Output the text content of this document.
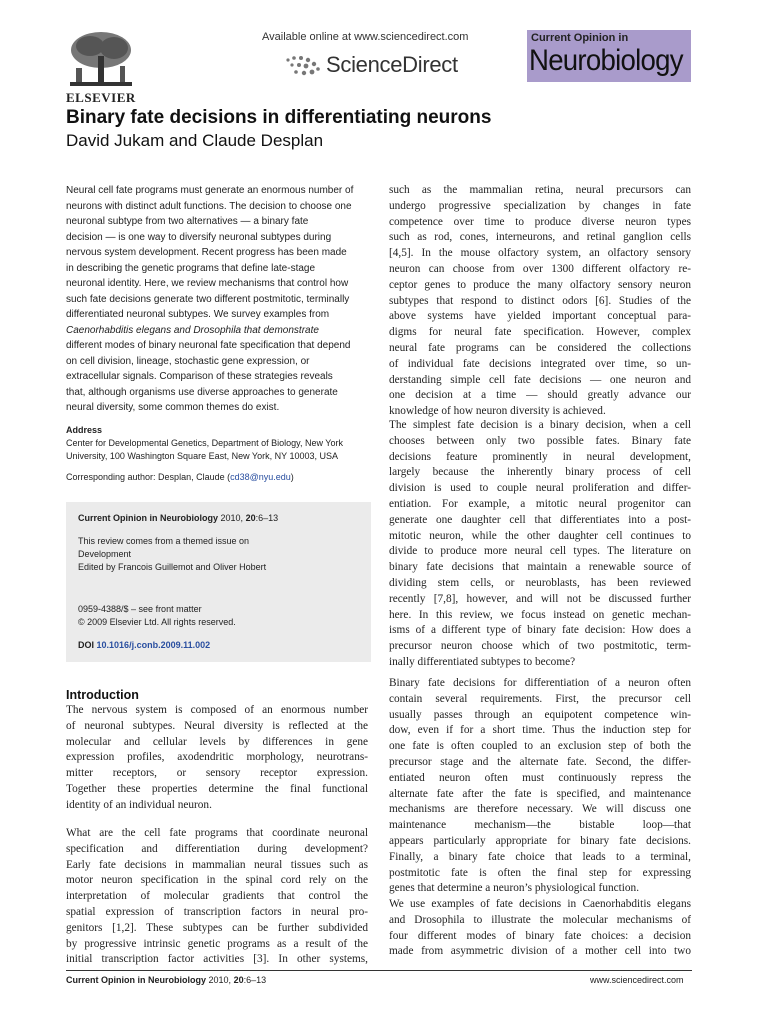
ELSEVIER
Available online at www.sciencedirect.com
ScienceDirect
Current Opinion in
Neurobiology
Binary fate decisions in differentiating neurons
David Jukam and Claude Desplan
Neural cell fate programs must generate an enormous number of
neurons with distinct adult functions. The decision to choose one
neuronal subtype from two alternatives — a binary fate
decision — is one way to diversify neuronal subtypes during
nervous system development. Recent progress has been made
in describing the genetic programs that define late-stage
neuronal identity. Here, we review mechanisms that control how
such fate decisions generate two different postmitotic, terminally
differentiated neuronal subtypes. We survey examples from
Caenorhabditis elegans and Drosophila that demonstrate
different modes of binary neuronal fate specification that depend
on cell division, lineage, stochastic gene expression, or
extracellular signals. Comparison of these strategies reveals
that, although organisms use diverse approaches to generate
neural diversity, some common themes do exist.
Address
Center for Developmental Genetics, Department of Biology, New York University, 100 Washington Square East, New York, NY 10003, USA
Corresponding author: Desplan, Claude (cd38@nyu.edu)
Current Opinion in Neurobiology 2010, 20:6–13
This review comes from a themed issue on
Development
Edited by Francois Guillemot and Oliver Hobert
0959-4388/$ – see front matter
© 2009 Elsevier Ltd. All rights reserved.
DOI 10.1016/j.conb.2009.11.002
Introduction
The nervous system is composed of an enormous number
of neuronal subtypes. Neural diversity is reflected at the
molecular and cellular levels by differences in gene
expression profiles, axodendritic morphology, neurotrans-
mitter receptors, or sensory receptor expression.
Together these properties determine the final functional
identity of an individual neuron.
What are the cell fate programs that coordinate neuronal
specification and differentiation during development?
Early fate decisions in mammalian neural tissues such as
motor neuron specification in the spinal cord rely on the
interpretation of molecular gradients that control the
spatial expression of transcription factors in neural pro-
genitors [1,2]. These subtypes can be further subdivided
by progressive intrinsic genetic programs as a result of the
initial transcription factor activities [3]. In other systems,
such as the mammalian retina, neural precursors can
undergo progressive specialization by changes in fate
competence over time to produce diverse neuron types
such as rod, cones, interneurons, and retinal ganglion cells
[4,5]. In the mouse olfactory system, an olfactory sensory
neuron can choose from over 1300 different olfactory re-
ceptor genes to produce the many olfactory sensory neuron
subtypes that respond to distinct odors [6]. Studies of the
above systems have yielded important conceptual para-
digms for neural fate specification. However, complex
neural fate programs can be considered the collections
of individual fate decisions integrated over time, so un-
derstanding simple cell fate decisions — one neuron and
one decision at a time — should greatly advance our
knowledge of how neuron diversity is achieved.
The simplest fate decision is a binary decision, when a cell
chooses between only two possible fates. Binary fate
decisions feature prominently in neural development,
largely because the inherently binary process of cell
division is used to couple neural proliferation and differ-
entiation. For example, a mitotic neural progenitor can
generate one daughter cell that differentiates into a post-
mitotic neuron, while the other daughter cell continues to
divide to produce more neural cell types. The literature on
binary fate decisions that maintain a renewable source of
dividing stem cells, or neuroblasts, has been reviewed
recently [7,8], however, and will not be discussed further
here. In this review, we focus instead on genetic mechan-
isms of a different type of binary fate decision: How does a
precursor neuron choose which of two postmitotic, term-
inally differentiated subtypes to become?
Binary fate decisions for differentiation of a neuron often
contain several requirements. First, the precursor cell
usually passes through an equipotent competence win-
dow, even if for a short time. Thus the induction step for
one fate is often coupled to an exclusion step of both the
precursor stage and the alternate fate. Second, the differ-
entiated neuron often must continuously repress the
alternate fate after the fate is specified, and maintenance
mechanisms are therefore necessary. We will discuss one
maintenance mechanism—the bistable loop—that
appears particularly appropriate for binary fate decisions.
Finally, a binary fate choice that leads to a terminal,
postmitotic fate is often the final step for expressing
genes that determine a neuron’s physiological function.
We use examples of fate decisions in Caenorhabditis elegans
and Drosophila to illustrate the molecular mechanisms of
four different modes of binary fate choices: a decision
made from asymmetric division of a mother cell into two
Current Opinion in Neurobiology 2010, 20:6–13	www.sciencedirect.com
